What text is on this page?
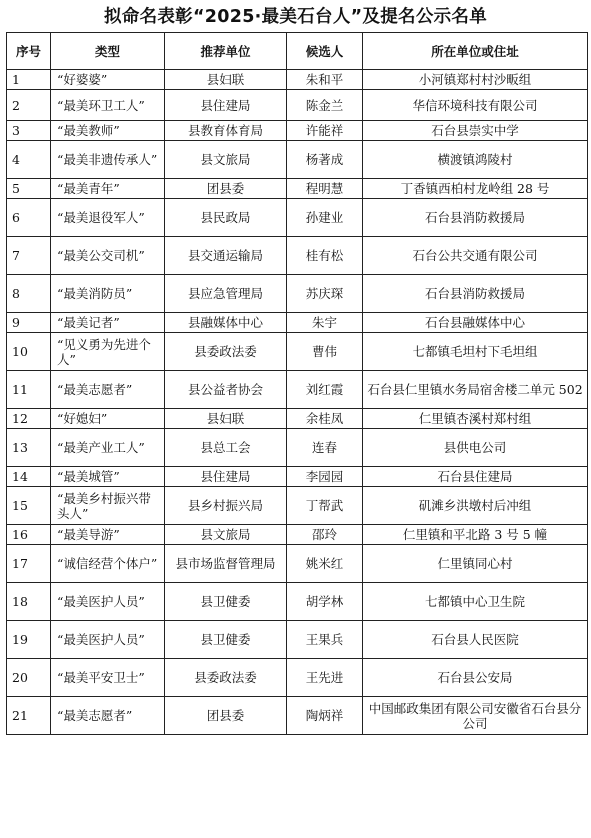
拟命名表彰“2025·最美石台人”及提名公示名单
序号	类型	推荐单位	候选人	所在单位或住址
1	“好婆婆”	县妇联	朱和平	小河镇郑村村沙畈组
2	“最美环卫工人”	县住建局	陈金兰	华信环境科技有限公司
3	“最美教师”	县教育体育局	许能祥	石台县崇实中学
4	“最美非遗传承人”	县文旅局	杨著成	横渡镇鸿陵村
5	“最美青年”	团县委	程明慧	丁香镇西柏村龙岭组 28 号
6	“最美退役军人”	县民政局	孙建业	石台县消防救援局
7	“最美公交司机”	县交通运输局	桂有松	石台公共交通有限公司
8	“最美消防员”	县应急管理局	苏庆琛	石台县消防救援局
9	“最美记者”	县融媒体中心	朱宇	石台县融媒体中心
10	“见义勇为先进个人”	县委政法委	曹伟	七都镇毛坦村下毛坦组
11	“最美志愿者”	县公益者协会	刘红霞	石台县仁里镇水务局宿舍楼二单元 502
12	“好媳妇”	县妇联	余桂凤	仁里镇杏溪村郑村组
13	“最美产业工人”	县总工会	连春	县供电公司
14	“最美城管”	县住建局	李园园	石台县住建局
15	“最美乡村振兴带头人”	县乡村振兴局	丁帮武	矶滩乡洪墩村后冲组
16	“最美导游”	县文旅局	邵玲	仁里镇和平北路 3 号 5 幢
17	“诚信经营个体户”	县市场监督管理局	姚米红	仁里镇同心村
18	“最美医护人员”	县卫健委	胡学林	七都镇中心卫生院
19	“最美医护人员”	县卫健委	王果兵	石台县人民医院
20	“最美平安卫士”	县委政法委	王先进	石台县公安局
21	“最美志愿者”	团县委	陶炳祥	中国邮政集团有限公司安徽省石台县分公司
